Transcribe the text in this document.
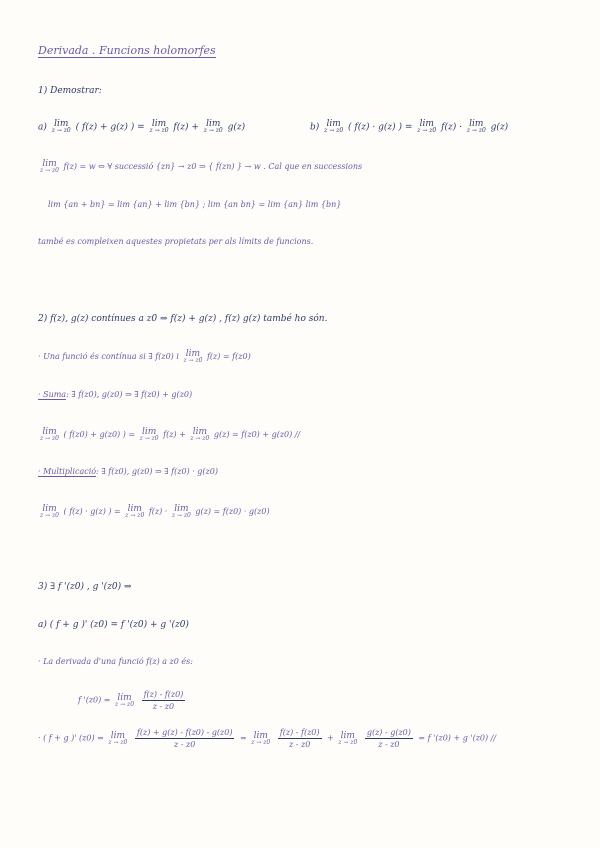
Derivada . Funcions holomorfes
1) Demostrar:
a) lim
z → z0 ( f(z) + g(z) ) = lim
z → z0 f(z) + lim
z → z0 g(z)	b) lim
z → z0 ( f(z) · g(z) ) = lim
z → z0 f(z) · lim
z → z0 g(z)
lim
z → z0 f(z) = w ⇔ ∀ successió {zn} → z0 ⇒ { f(zn) } → w . Cal que en successions
lim {an + bn} = lim {an} + lim {bn} ; lim {an bn} = lim {an} lim {bn}
també es compleixen aquestes propietats per als límits de funcions.
2) f(z), g(z) contínues a z0 ⇒ f(z) + g(z) , f(z) g(z) també ho són.
· Una funció és contínua si ∃ f(z0) i lim
z → z0 f(z) = f(z0)
· Suma: ∃ f(z0), g(z0) ⇒ ∃ f(z0) + g(z0)
lim
z → z0 ( f(z0) + g(z0) ) = lim
z → z0 f(z) + lim
z → z0 g(z) = f(z0) + g(z0) //
· Multiplicació: ∃ f(z0), g(z0) ⇒ ∃ f(z0) · g(z0)
lim
z → z0 ( f(z) · g(z) ) = lim
z → z0 f(z) · lim
z → z0 g(z) = f(z0) · g(z0)
3) ∃ f '(z0) , g '(z0) ⇒
a) ( f + g )' (z0) = f '(z0) + g '(z0)
· La derivada d'una funció f(z) a z0 és:
f '(z0) = lim
z → z0
$\frac{f(z) - f(z0)}{z - z0}$
· ( f + g )' (z0) = lim
z → z0
$\frac{f(z) + g(z) - f(z0) - g(z0)}{z - z0} = \lim$
z → z0
$\frac{f(z) - f(z0)}{z - z0} + \lim$
z → z0
$\frac{g(z) - g(z0)}{z - z0} = f$ '(z0) + g '(z0) //
